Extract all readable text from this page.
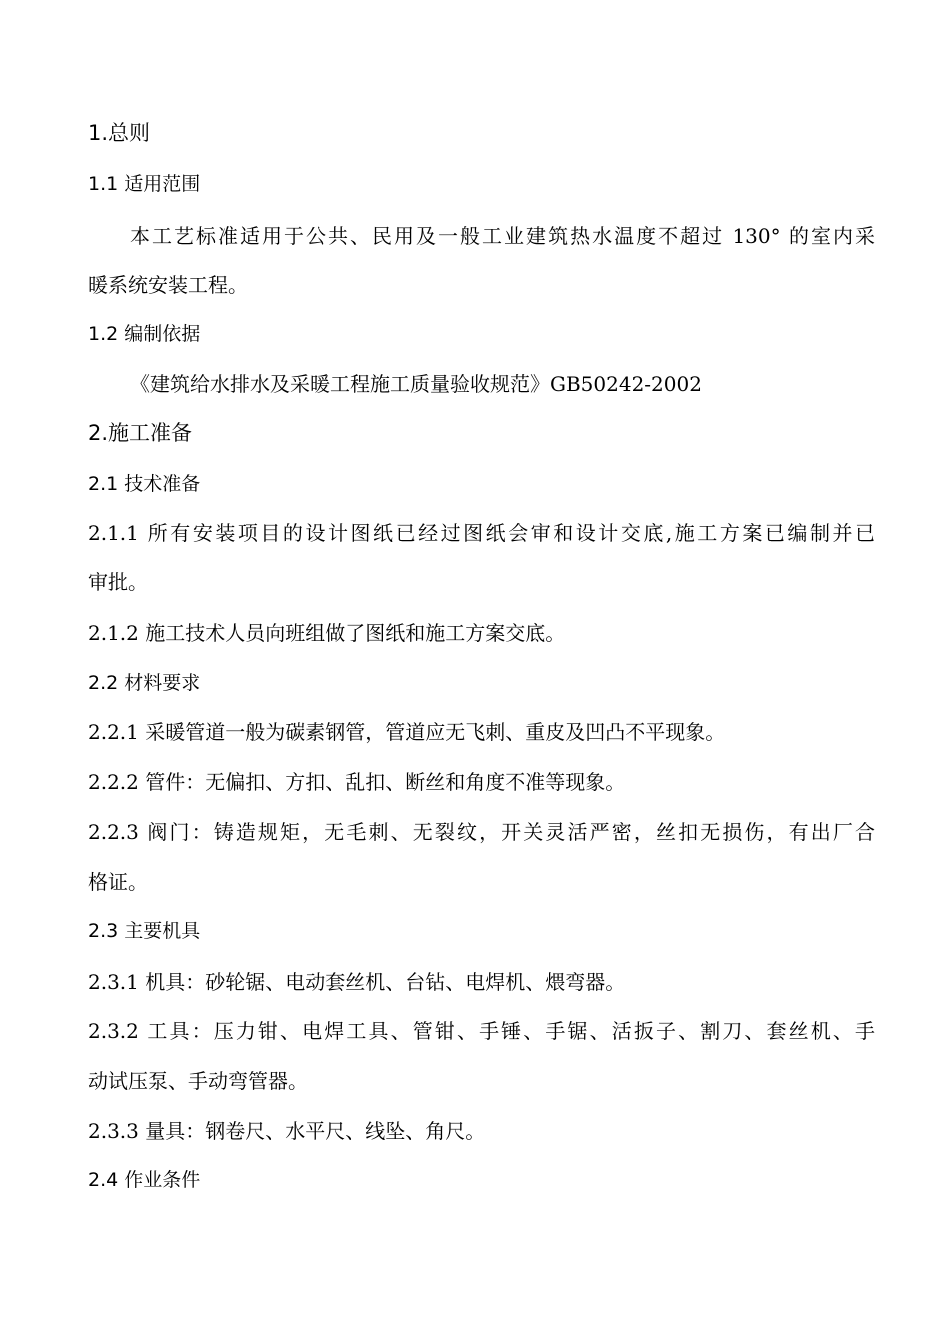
1.总则
1.1 适用范围
本工艺标准适用于公共、民用及一般工业建筑热水温度不超过 130° 的室内采
暖系统安装工程。
1.2 编制依据
《建筑给水排水及采暖工程施工质量验收规范》GB50242-2002
2.施工准备
2.1 技术准备
2.1.1 所有安装项目的设计图纸已经过图纸会审和设计交底,施工方案已编制并已
审批。
2.1.2 施工技术人员向班组做了图纸和施工方案交底。
2.2 材料要求
2.2.1 采暖管道一般为碳素钢管，管道应无飞刺、重皮及凹凸不平现象。
2.2.2 管件：无偏扣、方扣、乱扣、断丝和角度不准等现象。
2.2.3 阀门：铸造规矩，无毛刺、无裂纹，开关灵活严密，丝扣无损伤，有出厂合
格证。
2.3 主要机具
2.3.1 机具：砂轮锯、电动套丝机、台钻、电焊机、煨弯器。
2.3.2 工具：压力钳、电焊工具、管钳、手锤、手锯、活扳子、割刀、套丝机、手
动试压泵、手动弯管器。
2.3.3 量具：钢卷尺、水平尺、线坠、角尺。
2.4 作业条件
